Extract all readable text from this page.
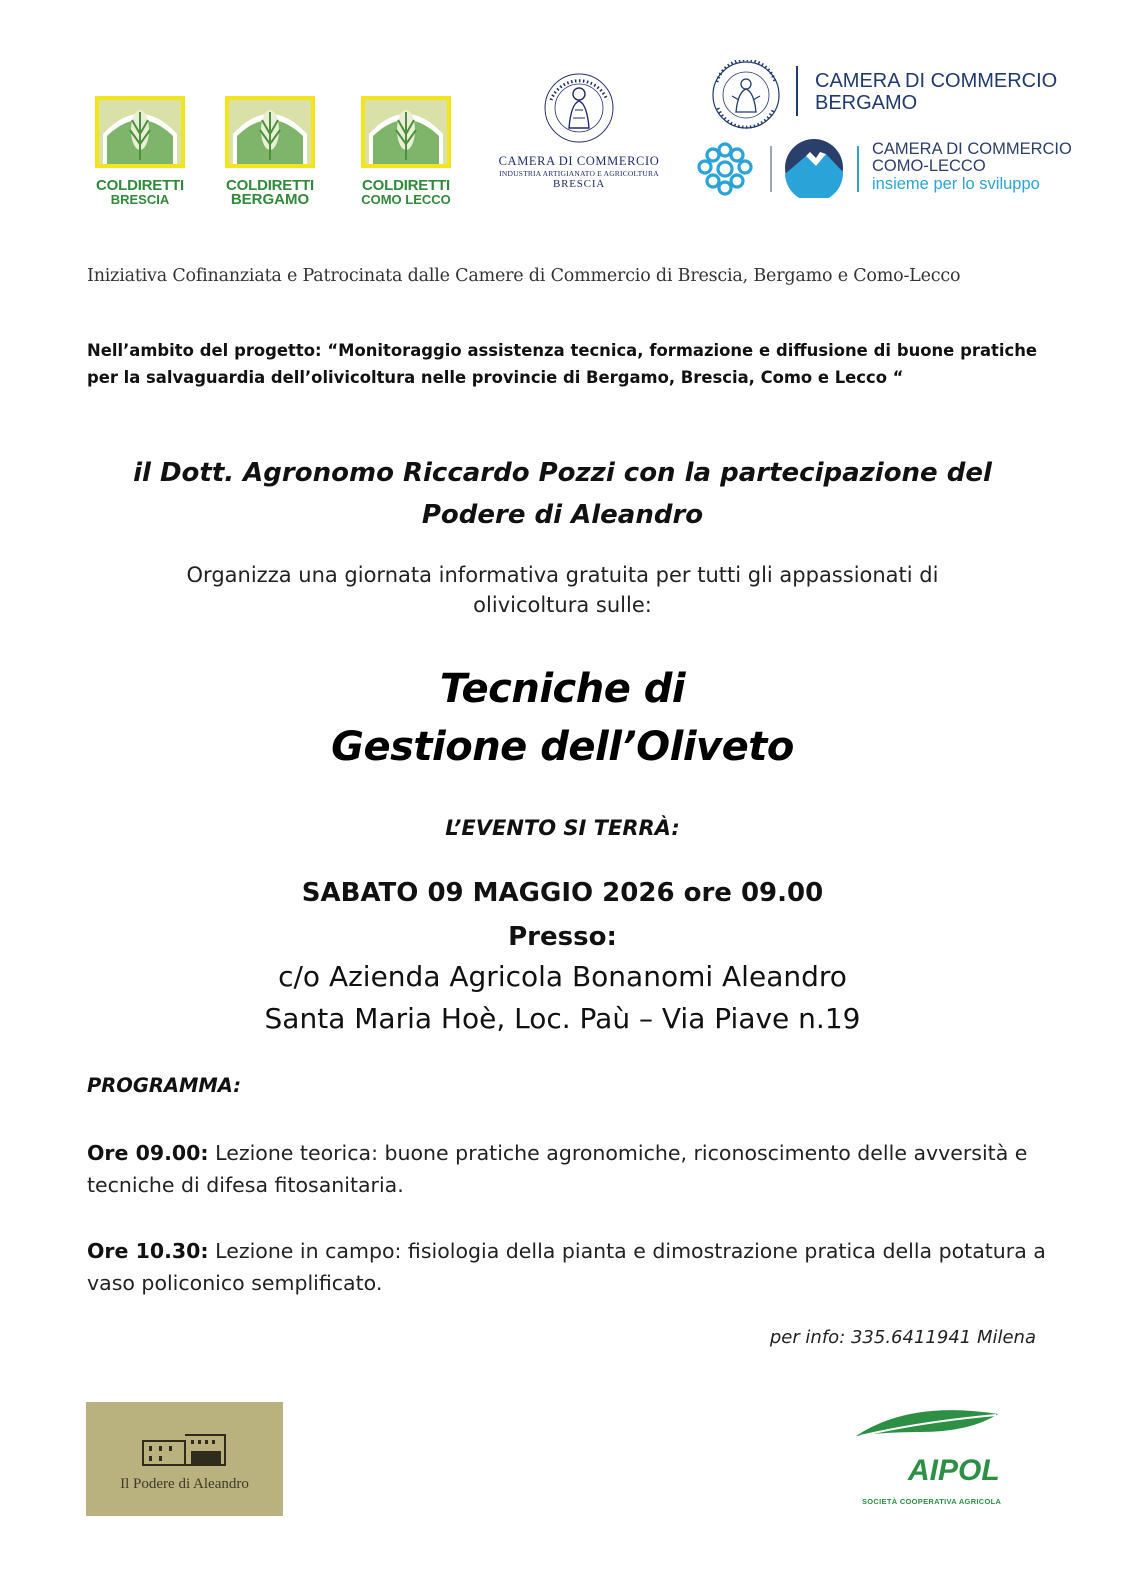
COLDIRETTI
BRESCIA
COLDIRETTI
BERGAMO
COLDIRETTI
COMO LECCO
CAMERA DI COMMERCIO
INDUSTRIA ARTIGIANATO E AGRICOLTURA
BRESCIA
CAMERA DI COMMERCIO
BERGAMO
CAMERA DI COMMERCIO
COMO-LECCO
insieme per lo sviluppo
Iniziativa Cofinanziata e Patrocinata dalle Camere di Commercio di Brescia, Bergamo e Como-Lecco
Nell’ambito del progetto: “Monitoraggio assistenza tecnica, formazione e diffusione di buone pratiche per la salvaguardia dell’olivicoltura nelle provincie di Bergamo, Brescia, Como e Lecco “
il Dott. Agronomo Riccardo Pozzi con la partecipazione del
Podere di Aleandro
Organizza una giornata informativa gratuita per tutti gli appassionati di
olivicoltura sulle:
Tecniche di
Gestione dell’Oliveto
L’EVENTO SI TERRÀ:
SABATO 09 MAGGIO 2026 ore 09.00
Presso:
c/o Azienda Agricola Bonanomi Aleandro
Santa Maria Hoè, Loc. Paù – Via Piave n.19
PROGRAMMA:
Ore 09.00: Lezione teorica: buone pratiche agronomiche, riconoscimento delle avversità e tecniche di difesa fitosanitaria.
Ore 10.30: Lezione in campo: fisiologia della pianta e dimostrazione pratica della potatura a vaso policonico semplificato.
per info: 335.6411941 Milena
Il Podere di Aleandro	AIPOL
SOCIETÀ COOPERATIVA AGRICOLA
